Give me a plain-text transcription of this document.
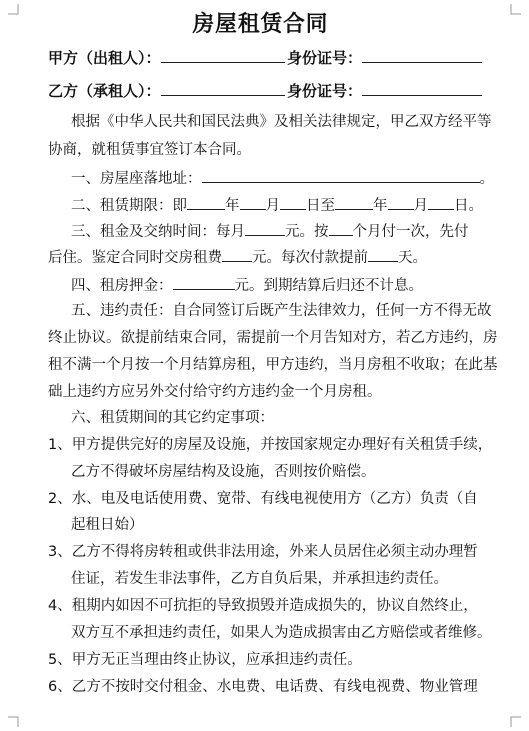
房屋租赁合同
甲方（出租人）：	身份证号：
乙方（承租人）：	身份证号：
根据《中华人民共和国民法典》及相关法律规定，甲乙双方经平等
协商，就租赁事宜签订本合同。
一、房屋座落地址：	。
二、租赁期限：即	年 月 日至	年 月 日。
三、租金及交纳时间：每月	元。按 个月付一次，先付
后住。鉴定合同时交房租费 元。每次付款提前 天。
四、租房押金：	元。到期结算后归还不计息。
五、违约责任：自合同签订后既产生法律效力，任何一方不得无故
终止协议。欲提前结束合同，需提前一个月告知对方，若乙方违约，房
租不满一个月按一个月结算房租，甲方违约，当月房租不收取；在此基
础上违约方应另外交付给守约方违约金一个月房租。
六、租赁期间的其它约定事项：
1、甲方提供完好的房屋及设施，并按国家规定办理好有关租赁手续，
乙方不得破坏房屋结构及设施，否则按价赔偿。
2、水、电及电话使用费、宽带、有线电视使用方（乙方）负责（自
起租日始）
3、乙方不得将房转租或供非法用途，外来人员居住必须主动办理暂
住证，若发生非法事件，乙方自负后果，并承担违约责任。
4、租期内如因不可抗拒的导致损毁并造成损失的，协议自然终止，
双方互不承担违约责任，如果人为造成损害由乙方赔偿或者维修。
5、甲方无正当理由终止协议，应承担违约责任。
6、乙方不按时交付租金、水电费、电话费、有线电视费、物业管理
